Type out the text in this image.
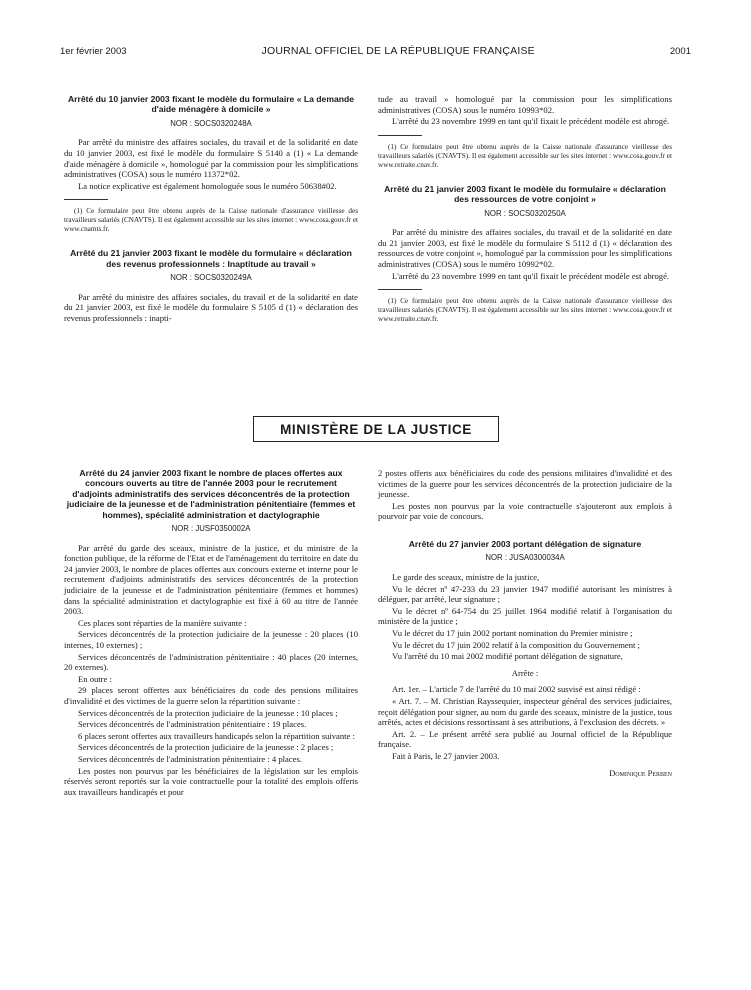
1er février 2003	JOURNAL OFFICIEL DE LA RÉPUBLIQUE FRANÇAISE	2001
Arrêté du 10 janvier 2003 fixant le modèle du formulaire « La demande d'aide ménagère à domicile »
NOR : SOCS0320248A

Par arrêté du ministre des affaires sociales, du travail et de la solidarité en date du 10 janvier 2003, est fixé le modèle du formulaire S 5140 a (1) « La demande d'aide ménagère à domicile », homologué par la commission pour les simplifications administratives (COSA) sous le numéro 11372*02.

La notice explicative est également homologuée sous le numéro 50638#02.

(1) Ce formulaire peut être obtenu auprès de la Caisse nationale d'assurance vieillesse des travailleurs salariés (CNAVTS). Il est également accessible sur les sites internet : www.cosa.gouv.fr et www.cnamts.fr.

Arrêté du 21 janvier 2003 fixant le modèle du formulaire « déclaration des revenus professionnels : Inaptitude au travail »
NOR : SOCS0320249A

Par arrêté du ministre des affaires sociales, du travail et de la solidarité en date du 21 janvier 2003, est fixé le modèle du formulaire S 5105 d (1) « déclaration des revenus professionnels : inapti-

tude au travail » homologué par la commission pour les simplifications administratives (COSA) sous le numéro 10993*02.

L'arrêté du 23 novembre 1999 en tant qu'il fixait le précédent modèle est abrogé.

(1) Ce formulaire peut être obtenu auprès de la Caisse nationale d'assurance vieillesse des travailleurs salariés (CNAVTS). Il est également accessible sur les sites internet : www.cosa.gouv.fr et www.retraite.cnav.fr.

Arrêté du 21 janvier 2003 fixant le modèle du formulaire « déclaration des ressources de votre conjoint »
NOR : SOCS0320250A

Par arrêté du ministre des affaires sociales, du travail et de la solidarité en date du 21 janvier 2003, est fixé le modèle du formulaire S 5112 d (1) « déclaration des ressources de votre conjoint », homologué par la commission pour les simplifications administratives (COSA) sous le numéro 10992*02.

L'arrêté du 23 novembre 1999 en tant qu'il fixait le précédent modèle est abrogé.

(1) Ce formulaire peut être obtenu auprès de la Caisse nationale d'assurance vieillesse des travailleurs salariés (CNAVTS). Il est également accessible sur les sites internet : www.cosa.gouv.fr et www.retraite.cnav.fr.

MINISTÈRE DE LA JUSTICE
Arrêté du 24 janvier 2003 fixant le nombre de places offertes aux concours ouverts au titre de l'année 2003 pour le recrutement d'adjoints administratifs des services déconcentrés de la protection judiciaire de la jeunesse et de l'administration pénitentiaire (femmes et hommes), spécialité administration et dactylographie
NOR : JUSF0350002A

Par arrêté du garde des sceaux, ministre de la justice, et du ministre de la fonction publique, de la réforme de l'Etat et de l'aménagement du territoire en date du 24 janvier 2003, le nombre de places offertes aux concours externe et interne pour le recrutement d'adjoints administratifs des services déconcentrés de la protection judiciaire de la jeunesse et de l'administration pénitentiaire (femmes et hommes) dans la spécialité administration et dactylographie est fixé à 60 au titre de l'année 2003.

Ces places sont réparties de la manière suivante :

Services déconcentrés de la protection judiciaire de la jeunesse : 20 places (10 internes, 10 externes) ;

Services déconcentrés de l'administration pénitentiaire : 40 places (20 internes, 20 externes).

En outre :

29 places seront offertes aux bénéficiaires du code des pensions militaires d'invalidité et des victimes de la guerre selon la répartition suivante :

Services déconcentrés de la protection judiciaire de la jeunesse : 10 places ;

Services déconcentrés de l'administration pénitentiaire : 19 places.

6 places seront offertes aux travailleurs handicapés selon la répartition suivante :

Services déconcentrés de la protection judiciaire de la jeunesse : 2 places ;

Services déconcentrés de l'administration pénitentiaire : 4 places.

Les postes non pourvus par les bénéficiaires de la législation sur les emplois réservés seront reportés sur la voie contractuelle pour la totalité des emplois offerts aux travailleurs handicapés et pour

2 postes offerts aux bénéficiaires du code des pensions militaires d'invalidité et des victimes de la guerre pour les services déconcentrés de la protection judiciaire de la jeunesse.

Les postes non pourvus par la voie contractuelle s'ajouteront aux emplois à pourvoir par voie de concours.

Arrêté du 27 janvier 2003 portant délégation de signature
NOR : JUSA0300034A

Le garde des sceaux, ministre de la justice,

Vu le décret nº 47-233 du 23 janvier 1947 modifié autorisant les ministres à déléguer, par arrêté, leur signature ;

Vu le décret nº 64-754 du 25 juillet 1964 modifié relatif à l'organisation du ministère de la justice ;

Vu le décret du 17 juin 2002 portant nomination du Premier ministre ;

Vu le décret du 17 juin 2002 relatif à la composition du Gouvernement ;

Vu l'arrêté du 10 mai 2002 modifié portant délégation de signature,

Arrête :

Art. 1er. – L'article 7 de l'arrêté du 10 mai 2002 susvisé est ainsi rédigé :

« Art. 7. – M. Christian Rayssequier, inspecteur général des services judiciaires, reçoit délégation pour signer, au nom du garde des sceaux, ministre de la justice, tous arrêtés, actes et décisions ressortissant à ses attributions, à l'exclusion des décrets. »

Art. 2. – Le présent arrêté sera publié au Journal officiel de la République française.

Fait à Paris, le 27 janvier 2003.

Dominique Perben
